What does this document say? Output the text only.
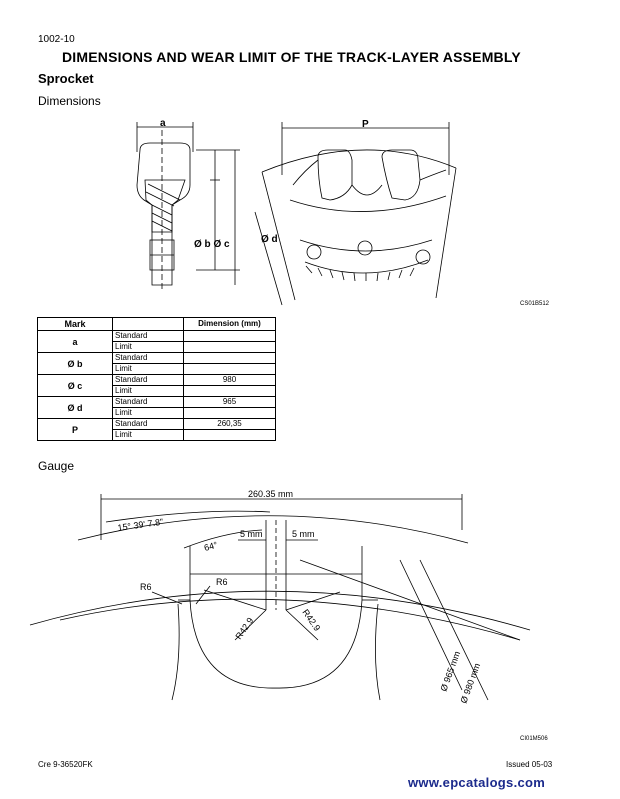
1002-10
DIMENSIONS AND WEAR LIMIT OF THE TRACK-LAYER ASSEMBLY
Sprocket
Dimensions
a	P
Ø b Ø c	Ø d
CS01B512
Mark		Dimension (mm)
a	Standard	
	Limit	
Ø b	Standard	
	Limit	
Ø c	Standard	980
	Limit	
Ø d	Standard	965
	Limit	
P	Standard	260,35
	Limit	
Gauge
260.35 mm
15° 39' 7.8"
64°
5 mm	5 mm
R6	R6
R42.9	R42.9
Ø 965 mm
Ø 980 mm
CI01M506
Cre 9-36520FK	Issued 05-03
www.epcatalogs.com
